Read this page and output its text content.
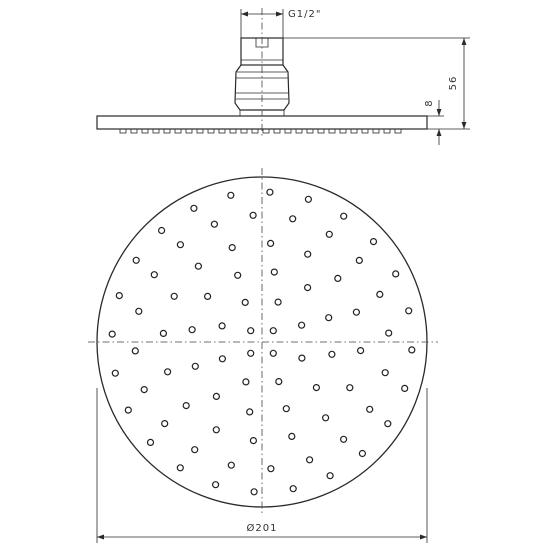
G1/2"
56
8
Ø201
